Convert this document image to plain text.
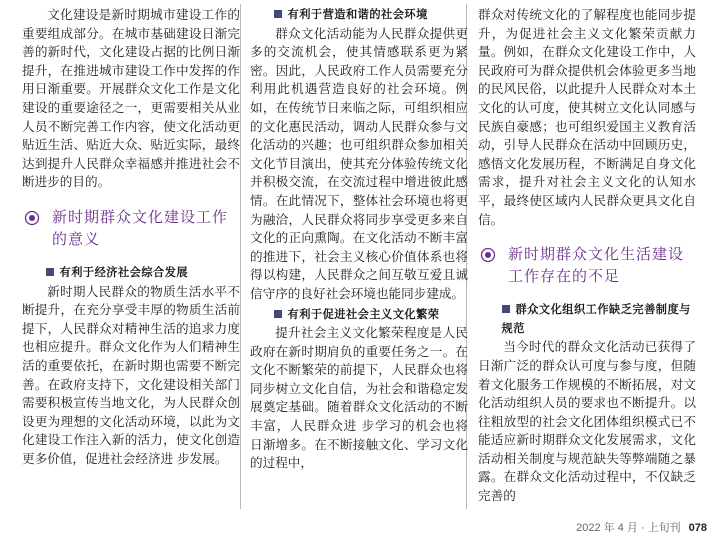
文化建设是新时期城市建设工作的重要组成部分。在城市基础建设日渐完善的新时代，文化建设占据的比例日渐提升，在推进城市建设工作中发挥的作用日渐重要。开展群众文化工作是文化建设的重要途径之一，更需要相关从业人员不断完善工作内容，使文化活动更贴近生活、贴近大众、贴近实际，最终达到提升人民群众幸福感并推进社会不断进步的目的。

新时期群众文化建设工作的意义
有利于经济社会综合发展

新时期人民群众的物质生活水平不断提升，在充分享受丰厚的物质生活前提下，人民群众对精神生活的追求力度也相应提升。群众文化作为人们精神生活的重要依托，在新时期也需要不断完善。在政府支持下，文化建设相关部门需要积极宣传当地文化，为人民群众创设更为理想的文化活动环境，以此为文化建设工作注入新的活力，使文化创造更多价值，促进社会经济进 步发展。

有利于营造和谐的社会环境

群众文化活动能为人民群众提供更多的交流机会，使其情感联系更为紧密。因此，人民政府工作人员需要充分利用此机遇营造良好的社会环境。例如，在传统节日来临之际，可组织相应的文化惠民活动，调动人民群众参与文化活动的兴趣；也可组织群众参加相关文化节目演出，使其充分体验传统文化并积极交流，在交流过程中增进彼此感情。在此情况下，整体社会环境也将更为融洽，人民群众将同步享受更多来自文化的正向熏陶。在文化活动不断丰富的推进下，社会主义核心价值体系也将得以构建，人民群众之间互敬互爱且诚信守序的良好社会环境也能同步建成。

有利于促进社会主义文化繁荣

提升社会主义文化繁荣程度是人民政府在新时期肩负的重要任务之一。在文化不断繁荣的前提下，人民群众也将同步树立文化自信，为社会和谐稳定发展奠定基础。随着群众文化活动的不断丰富，人民群众进 步学习的机会也将日渐增多。在不断接触文化、学习文化的过程中，

群众对传统文化的了解程度也能同步提升，为促进社会主义文化繁荣贡献力量。例如，在群众文化建设工作中，人民政府可为群众提供机会体验更多当地的民风民俗，以此提升人民群众对本土文化的认可度，使其树立文化认同感与民族自豪感；也可组织爱国主义教育活动，引导人民群众在活动中回顾历史，感悟文化发展历程，不断满足自身文化需求，提升对社会主义文化的认知水平，最终使区域内人民群众更具文化自信。

新时期群众文化生活建设工作存在的不足
群众文化组织工作缺乏完善制度与规范

当今时代的群众文化活动已获得了日渐广泛的群众认可度与参与度，但随着文化服务工作规模的不断拓展，对文化活动组织人员的要求也不断提升。以往粗放型的社会文化团体组织模式已不能适应新时期群众文化发展需求，文化活动相关制度与规范缺失等弊端随之暴露。在群众文化活动过程中，不仅缺乏完善的

2022 年 4 月 · 上旬刊 078
